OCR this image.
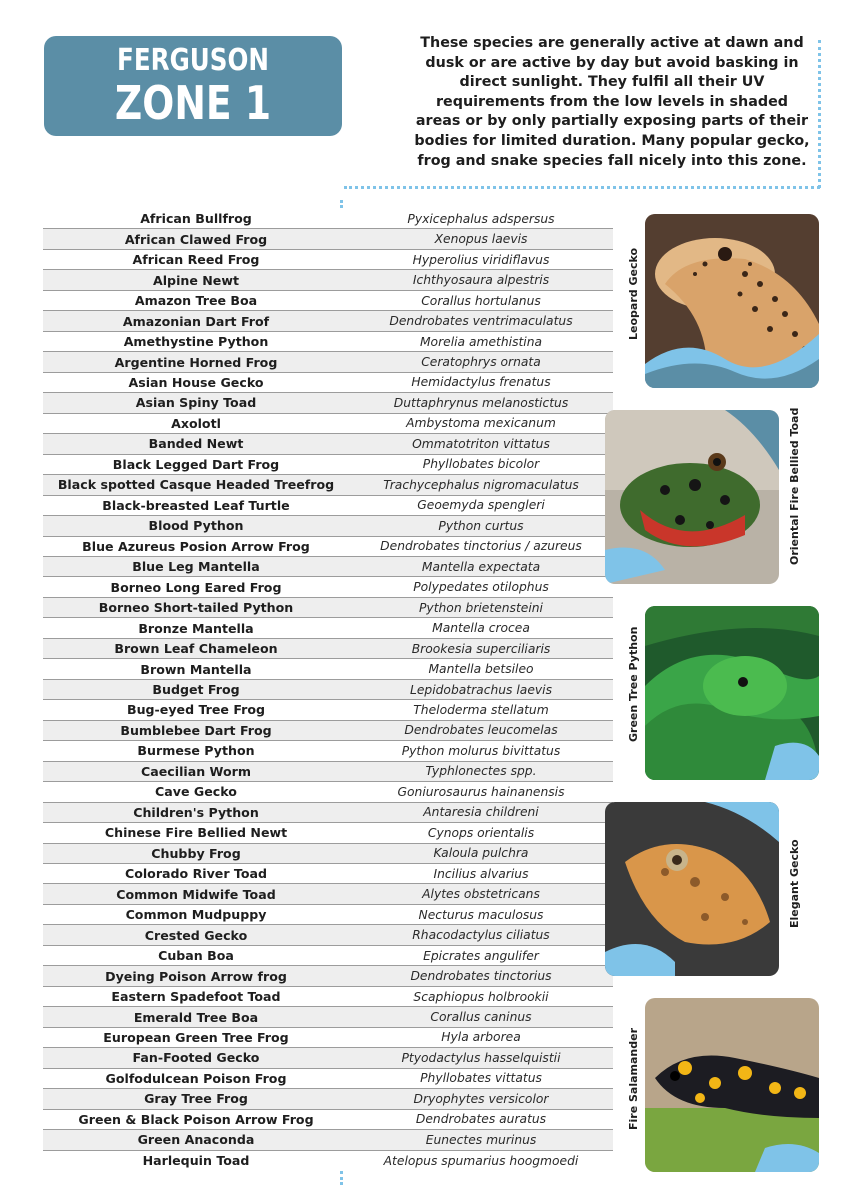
FERGUSON
ZONE 1
These species are generally active at dawn and dusk or are active by day but avoid basking in direct sunlight. They fulfil all their UV requirements from the low levels in shaded areas or by only partially exposing parts of their bodies for limited duration. Many popular gecko, frog and snake species fall nicely into this zone.
African Bullfrog	Pyxicephalus adspersus
African Clawed Frog	Xenopus laevis
African Reed Frog	Hyperolius viridiflavus
Alpine Newt	Ichthyosaura alpestris
Amazon Tree Boa	Corallus hortulanus
Amazonian Dart Frof	Dendrobates ventrimaculatus
Amethystine Python	Morelia amethistina
Argentine Horned Frog	Ceratophrys ornata
Asian House Gecko	Hemidactylus frenatus
Asian Spiny Toad	Duttaphrynus melanostictus
Axolotl	Ambystoma mexicanum
Banded Newt	Ommatotriton vittatus
Black Legged Dart Frog	Phyllobates bicolor
Black spotted Casque Headed Treefrog	Trachycephalus nigromaculatus
Black-breasted Leaf Turtle	Geoemyda spengleri
Blood Python	Python curtus
Blue Azureus Posion Arrow Frog	Dendrobates tinctorius / azureus
Blue Leg Mantella	Mantella expectata
Borneo Long Eared Frog	Polypedates otilophus
Borneo Short-tailed Python	Python brietensteini
Bronze Mantella	Mantella crocea
Brown Leaf Chameleon	Brookesia superciliaris
Brown Mantella	Mantella betsileo
Budget Frog	Lepidobatrachus laevis
Bug-eyed Tree Frog	Theloderma stellatum
Bumblebee Dart Frog	Dendrobates leucomelas
Burmese Python	Python molurus bivittatus
Caecilian Worm	Typhlonectes spp.
Cave Gecko	Goniurosaurus hainanensis
Children's Python	Antaresia childreni
Chinese Fire Bellied Newt	Cynops orientalis
Chubby Frog	Kaloula pulchra
Colorado River Toad	Incilius alvarius
Common Midwife Toad	Alytes obstetricans
Common Mudpuppy	Necturus maculosus
Crested Gecko	Rhacodactylus ciliatus
Cuban Boa	Epicrates angulifer
Dyeing Poison Arrow frog	Dendrobates tinctorius
Eastern Spadefoot Toad	Scaphiopus holbrookii
Emerald Tree Boa	Corallus caninus
European Green Tree Frog	Hyla arborea
Fan-Footed Gecko	Ptyodactylus hasselquistii
Golfodulcean Poison Frog	Phyllobates vittatus
Gray Tree Frog	Dryophytes versicolor
Green & Black Poison Arrow Frog	Dendrobates auratus
Green Anaconda	Eunectes murinus
Harlequin Toad	Atelopus spumarius hoogmoedi
Leopard Gecko
Oriental Fire Bellied Toad
Green Tree Python
Elegant Gecko
Fire Salamander
